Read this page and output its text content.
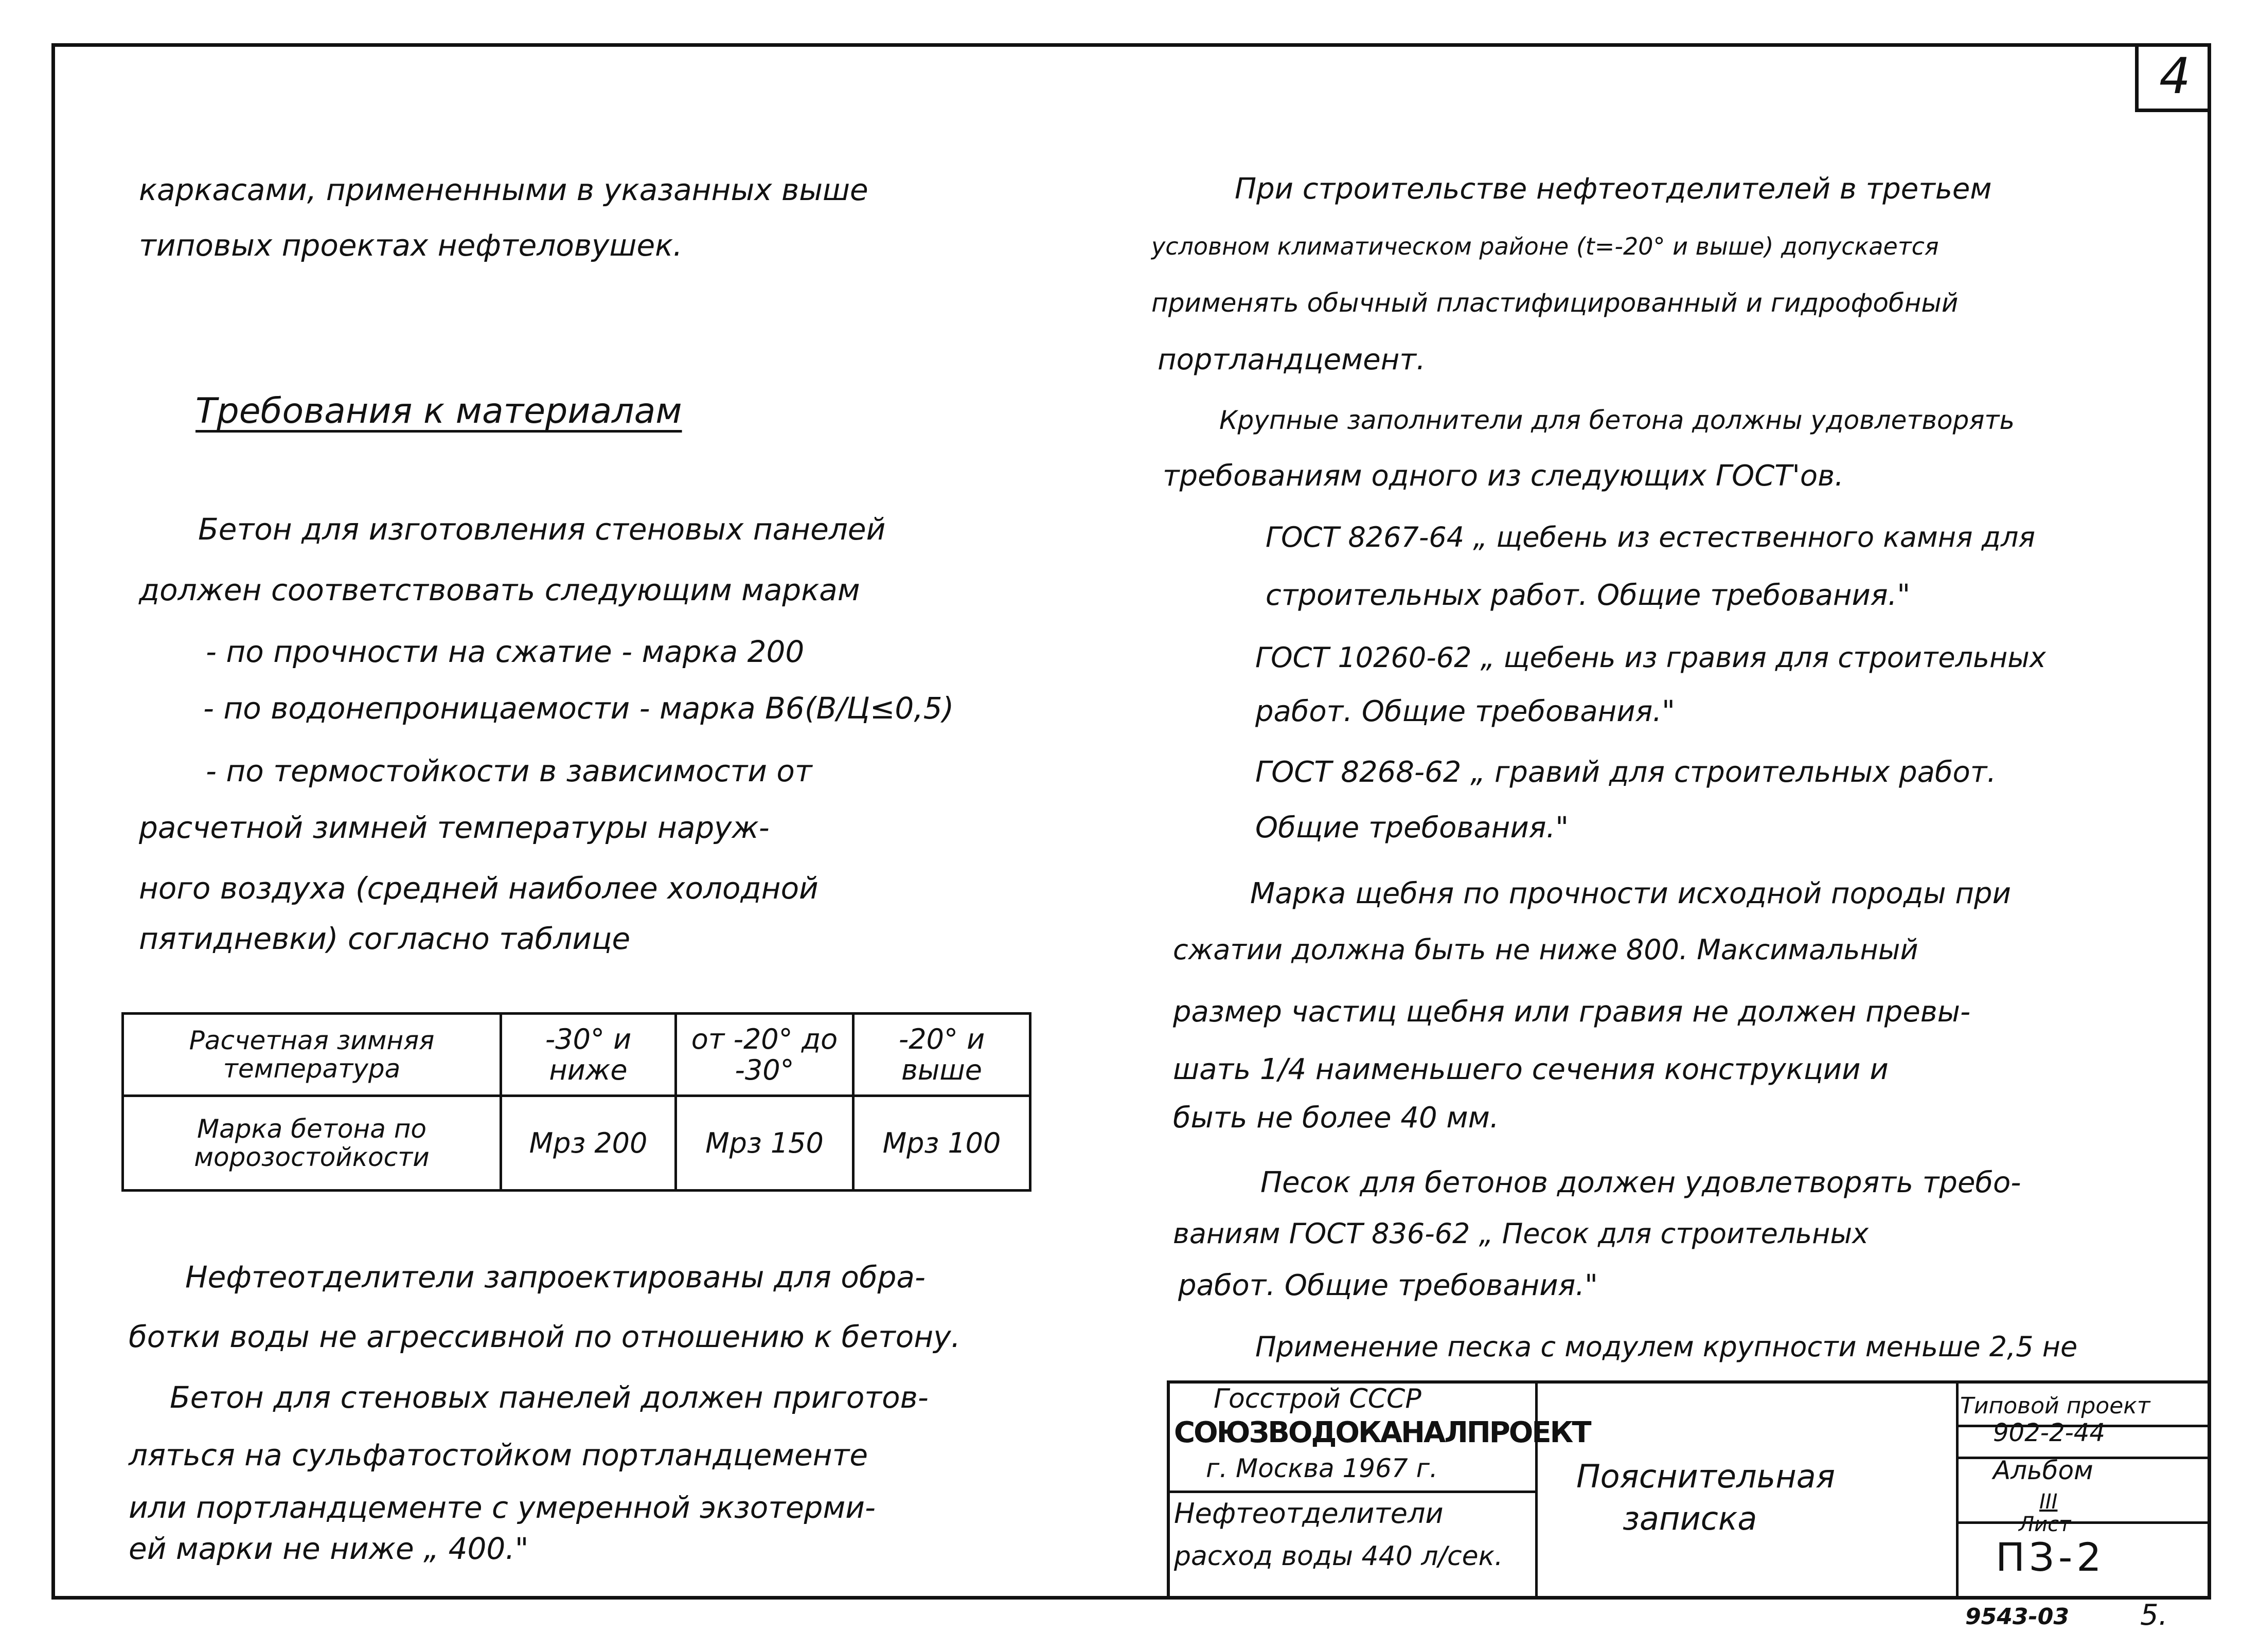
4
каркасами, примененными в указанных выше
типовых проектах нефтеловушек.
Требования к материалам
Бетон для изготовления стеновых панелей
должен соответствовать следующим маркам
- по прочности на сжатие - марка 200
- по водонепроницаемости - марка В6(В/Ц≤0,5)
- по термостойкости в зависимости от
расчетной зимней температуры наруж-
ного воздуха (средней наиболее холодной
пятидневки) согласно таблице
Расчетная зимняя температура	-30° и ниже	от -20° до -30°	-20° и выше
Марка бетона по морозостойкости	Мрз 200	Мрз 150	Мрз 100
Нефтеотделители запроектированы для обра-
ботки воды не агрессивной по отношению к бетону.
Бетон для стеновых панелей должен приготов-
ляться на сульфатостойком портландцементе
или портландцементе с умеренной экзотерми-
ей марки не ниже „ 400."
При строительстве нефтеотделителей в третьем
условном климатическом районе (t=-20° и выше) допускается
применять обычный пластифицированный и гидрофобный
портландцемент.
Крупные заполнители для бетона должны удовлетворять
требованиям одного из следующих ГОСТ'ов.
ГОСТ 8267-64 „ щебень из естественного камня для
строительных работ. Общие требования."
ГОСТ 10260-62 „ щебень из гравия для строительных
работ. Общие требования."
ГОСТ 8268-62 „ гравий для строительных работ.
Общие требования."
Марка щебня по прочности исходной породы при
сжатии должна быть не ниже 800. Максимальный
размер частиц щебня или гравия не должен превы-
шать 1/4 наименьшего сечения конструкции и
быть не более 40 мм.
Песок для бетонов должен удовлетворять требо-
ваниям ГОСТ 836-62 „ Песок для строительных
работ. Общие требования."
Применение песка с модулем крупности меньше 2,5 не
Госстрой СССР
СОЮЗВОДОКАНАЛПРОЕКТ
г. Москва 1967 г.
Нефтеотделители
расход воды 440 л/сек.
Пояснительная
записка
Типовой проект
902-2-44
Альбом
III
Лист
ПЗ-2
9543-03 5.
